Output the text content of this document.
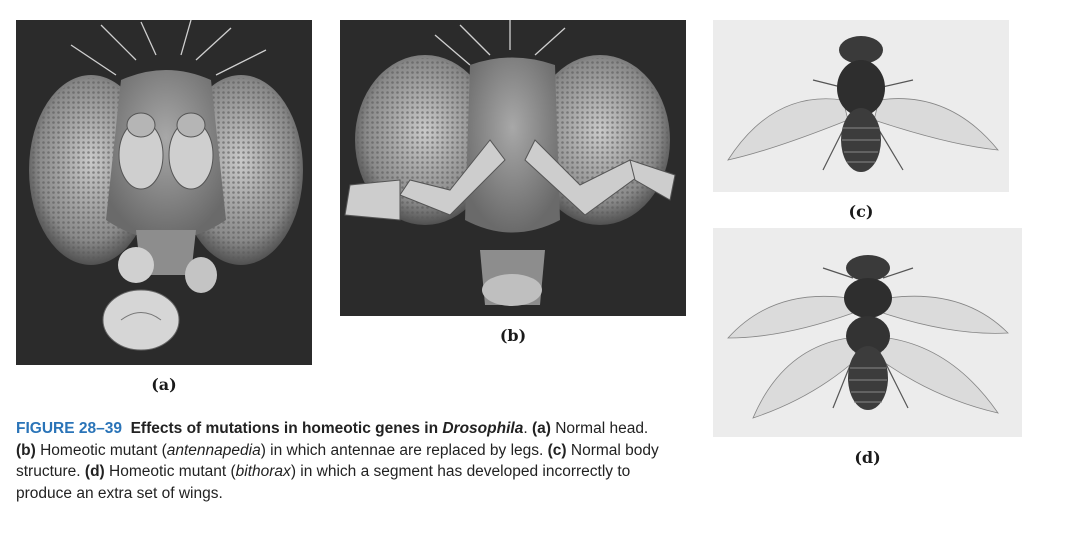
(a)
(b)
(c)
(d)
FIGURE 28–39 Effects of mutations in homeotic genes in Drosophila. (a) Normal head. (b) Homeotic mutant (antennapedia) in which antennae are replaced by legs. (c) Normal body structure. (d) Homeotic mutant (bithorax) in which a segment has developed incorrectly to produce an extra set of wings.
